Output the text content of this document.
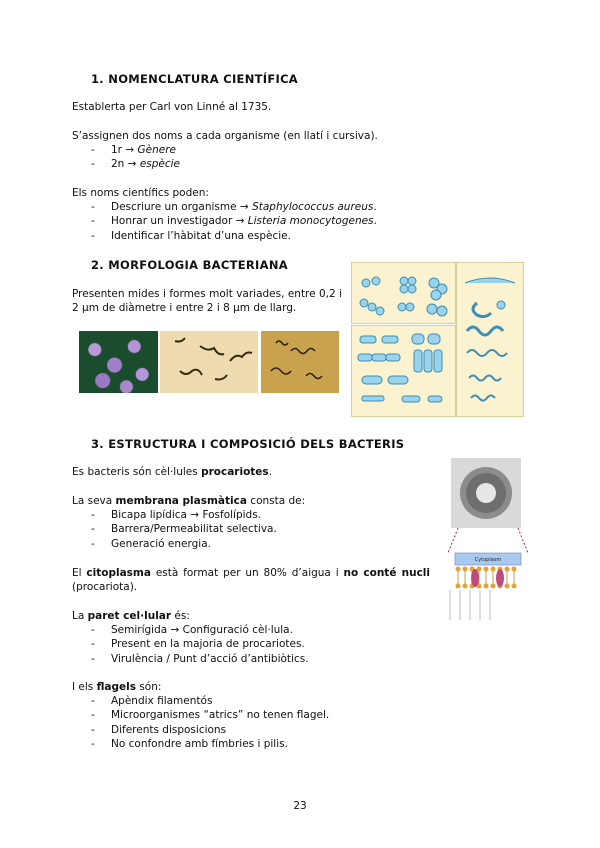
1. NOMENCLATURA CIENTÍFICA
Establerta per Carl von Linné al 1735.
S’assignen dos noms a cada organisme (en llatí i cursiva).
- 1r → Gènere
- 2n → espècie
Els noms científics poden:
- Descriure un organisme → Staphylococcus aureus.
- Honrar un investigador → Listeria monocytogenes.
- Identificar l’hàbitat d’una espècie.
2. MORFOLOGIA BACTERIANA
Presenten mides i formes molt variades, entre 0,2 i 2 µm de diàmetre i entre 2 i 8 µm de llarg.
3. ESTRUCTURA I COMPOSICIÓ DELS BACTERIS
Es bacteris són cèl·lules procariotes.
La seva membrana plasmàtica consta de:
- Bicapa lipídica → Fosfolípids.
- Barrera/Permeabilitat selectiva.
- Generació energia.
El citoplasma està format per un 80% d’aigua i no conté nucli (procariota).
La paret cel·lular és:
- Semirígida → Configuració cèl·lula.
- Present en la majoria de procariotes.
- Virulència / Punt d’acció d’antibiòtics.
I els flagels són:
- Apèndix filamentós
- Microorganismes “atrics” no tenen flagel.
- Diferents disposicions
- No confondre amb fímbries i pilis.
Cytoplasm
23
